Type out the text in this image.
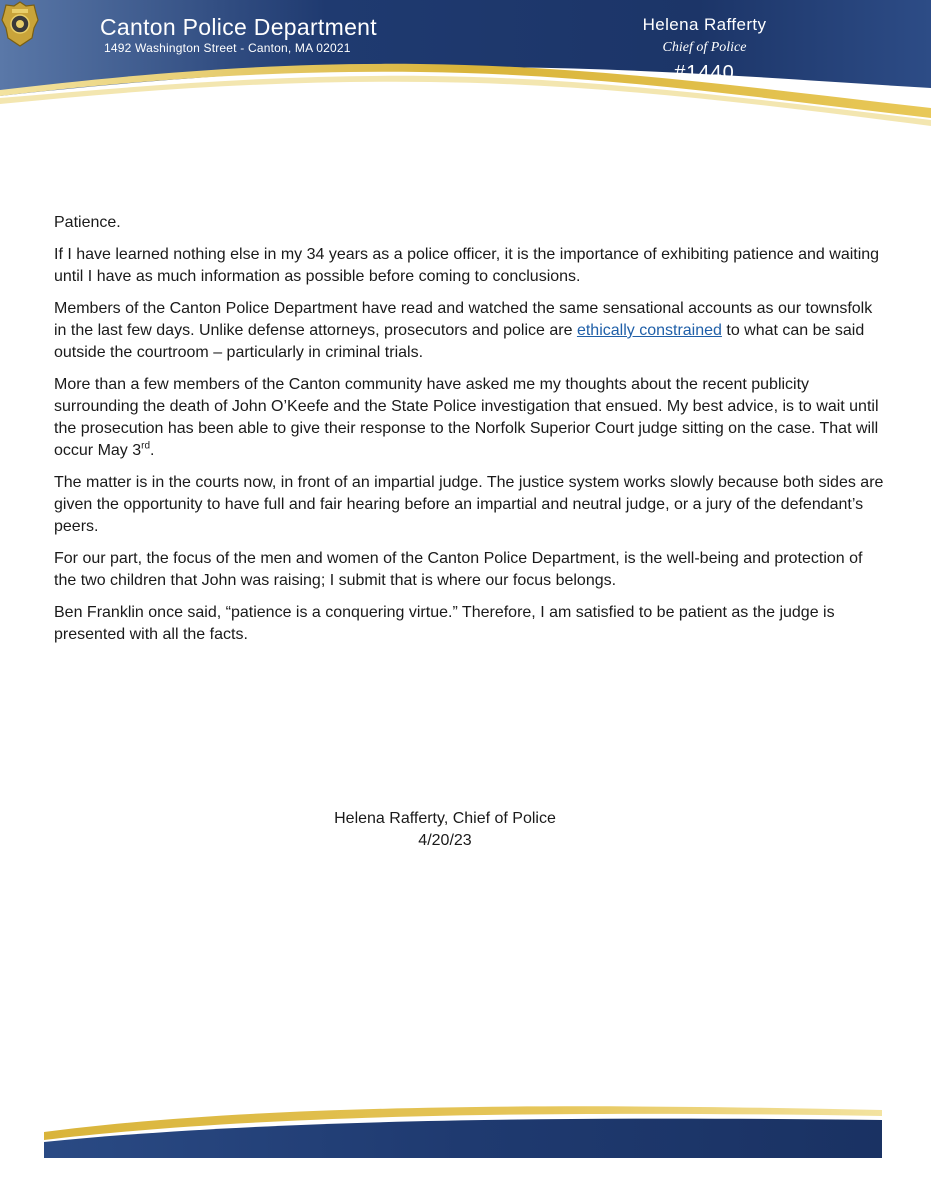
Canton Police Department
1492 Washington Street - Canton, MA 02021
Helena Rafferty
Chief of Police
#1440

Patience.

If I have learned nothing else in my 34 years as a police officer, it is the importance of exhibiting patience and waiting until I have as much information as possible before coming to conclusions.

Members of the Canton Police Department have read and watched the same sensational accounts as our townsfolk in the last few days. Unlike defense attorneys, prosecutors and police are ethically constrained to what can be said outside the courtroom – particularly in criminal trials.

More than a few members of the Canton community have asked me my thoughts about the recent publicity surrounding the death of John O’Keefe and the State Police investigation that ensued. My best advice, is to wait until the prosecution has been able to give their response to the Norfolk Superior Court judge sitting on the case. That will occur May 3rd.

The matter is in the courts now, in front of an impartial judge. The justice system works slowly because both sides are given the opportunity to have full and fair hearing before an impartial and neutral judge, or a jury of the defendant’s peers.

For our part, the focus of the men and women of the Canton Police Department, is the well-being and protection of the two children that John was raising; I submit that is where our focus belongs.

Ben Franklin once said, “patience is a conquering virtue.” Therefore, I am satisfied to be patient as the judge is presented with all the facts.

Helena Rafferty, Chief of Police
4/20/23
